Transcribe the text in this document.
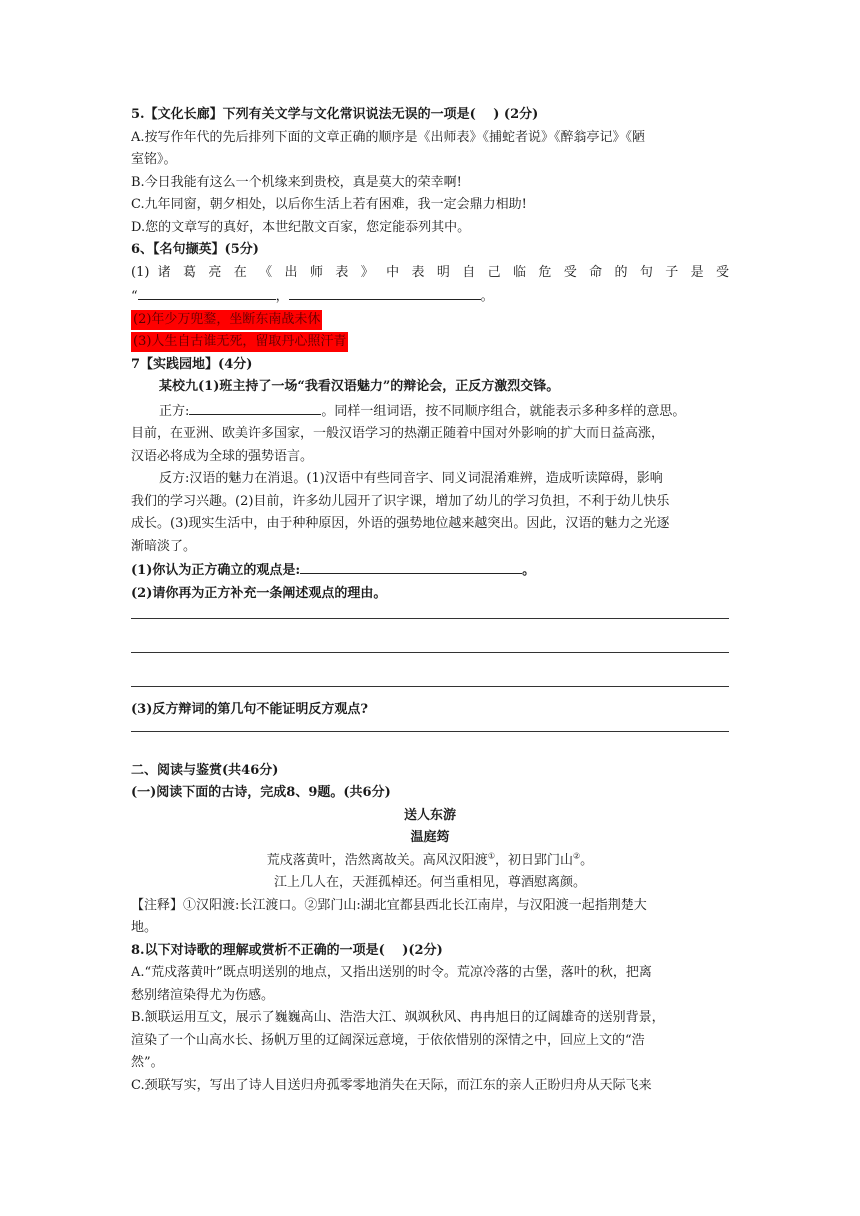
5.【文化长廊】下列有关文学与文化常识说法无误的一项是(　 ) (2分)
A.按写作年代的先后排列下面的文章正确的顺序是《出师表》《捕蛇者说》《醉翁亭记》《陋
室铭》。
B.今日我能有这么一个机缘来到贵校，真是莫大的荣幸啊!
C.九年同窗，朝夕相处，以后你生活上若有困难，我一定会鼎力相助!
D.您的文章写的真好，本世纪散文百家，您定能忝列其中。
6、【名句撷英】(5分)
(1) 诸 葛 亮 在 《 出 师 表 》 中 表 明 自 己 临 危 受 命 的 句 子 是 受
“	，	。
(2)年少万兜鍪，坐断东南战未休
(3)人生自古谁无死，留取丹心照汗青
7【实践园地】(4分)
某校九(1)班主持了一场“我看汉语魅力”的辩论会，正反方激烈交锋。
正方:	。同样一组词语，按不同顺序组合，就能表示多种多样的意思。
目前，在亚洲、欧美许多国家，一般汉语学习的热潮正随着中国对外影响的扩大而日益高涨，
汉语必将成为全球的强势语言。
反方:汉语的魅力在消退。(1)汉语中有些同音字、同义词混淆难辨，造成听读障碍，影响
我们的学习兴趣。(2)目前，许多幼儿园开了识字课，增加了幼儿的学习负担，不利于幼儿快乐
成长。(3)现实生活中，由于种种原因，外语的强势地位越来越突出。因此，汉语的魅力之光逐
渐暗淡了。
(1)你认为正方确立的观点是:	。
(2)请你再为正方补充一条阐述观点的理由。
(3)反方辩词的第几句不能证明反方观点?
二、阅读与鉴赏(共46分)
(一)阅读下面的古诗，完成8、9题。(共6分)
送人东游
温庭筠
荒戍落黄叶，浩然离故关。高风汉阳渡①，初日郢门山②。
江上几人在，天涯孤棹还。何当重相见，尊酒慰离颜。
【注释】①汉阳渡:长江渡口。②郢门山:湖北宜都县西北长江南岸，与汉阳渡一起指荆楚大
地。
8.以下对诗歌的理解或赏析不正确的一项是(　 )(2分)
A.“荒戍落黄叶”既点明送别的地点，又指出送别的时令。荒凉冷落的古堡，落叶的秋，把离
愁别绪渲染得尤为伤感。
B.颔联运用互文，展示了巍巍高山、浩浩大江、飒飒秋风、冉冉旭日的辽阔雄奇的送别背景，
渲染了一个山高水长、扬帆万里的辽阔深远意境，于依依惜别的深情之中，回应上文的“浩
然”。
C.颈联写实，写出了诗人目送归舟孤零零地消失在天际，而江东的亲人正盼归舟从天际飞来
